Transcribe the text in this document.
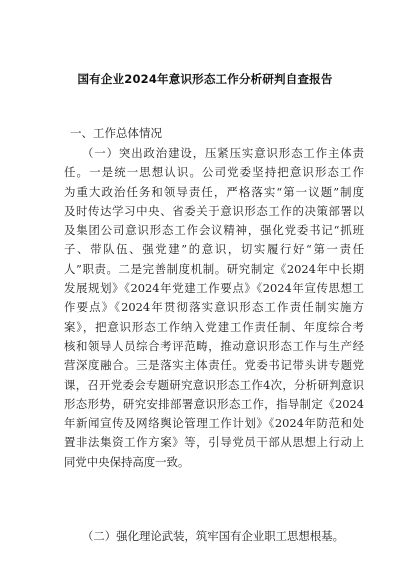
国有企业2024年意识形态工作分析研判自查报告
一、工作总体情况
（一）突出政治建设，压紧压实意识形态工作主体责
任。一是统一思想认识。公司党委坚持把意识形态工作
为重大政治任务和领导责任，严格落实“第一议题”制度
及时传达学习中央、省委关于意识形态工作的决策部署以
及集团公司意识形态工作会议精神，强化党委书记“抓班
子、带队伍、强党建”的意识，切实履行好“第一责任
人”职责。二是完善制度机制。研究制定《2024年中长期
发展规划》《2024年党建工作要点》《2024年宣传思想工
作要点》《2024年贯彻落实意识形态工作责任制实施方
案》，把意识形态工作纳入党建工作责任制、年度综合考
核和领导人员综合考评范畴，推动意识形态工作与生产经
营深度融合。三是落实主体责任。党委书记带头讲专题党
课，召开党委会专题研究意识形态工作4次，分析研判意识
形态形势，研究安排部署意识形态工作，指导制定《2024
年新闻宣传及网络舆论管理工作计划》《2024年防范和处
置非法集资工作方案》等，引导党员干部从思想上行动上
同党中央保持高度一致。
（二）强化理论武装，筑牢国有企业职工思想根基。
